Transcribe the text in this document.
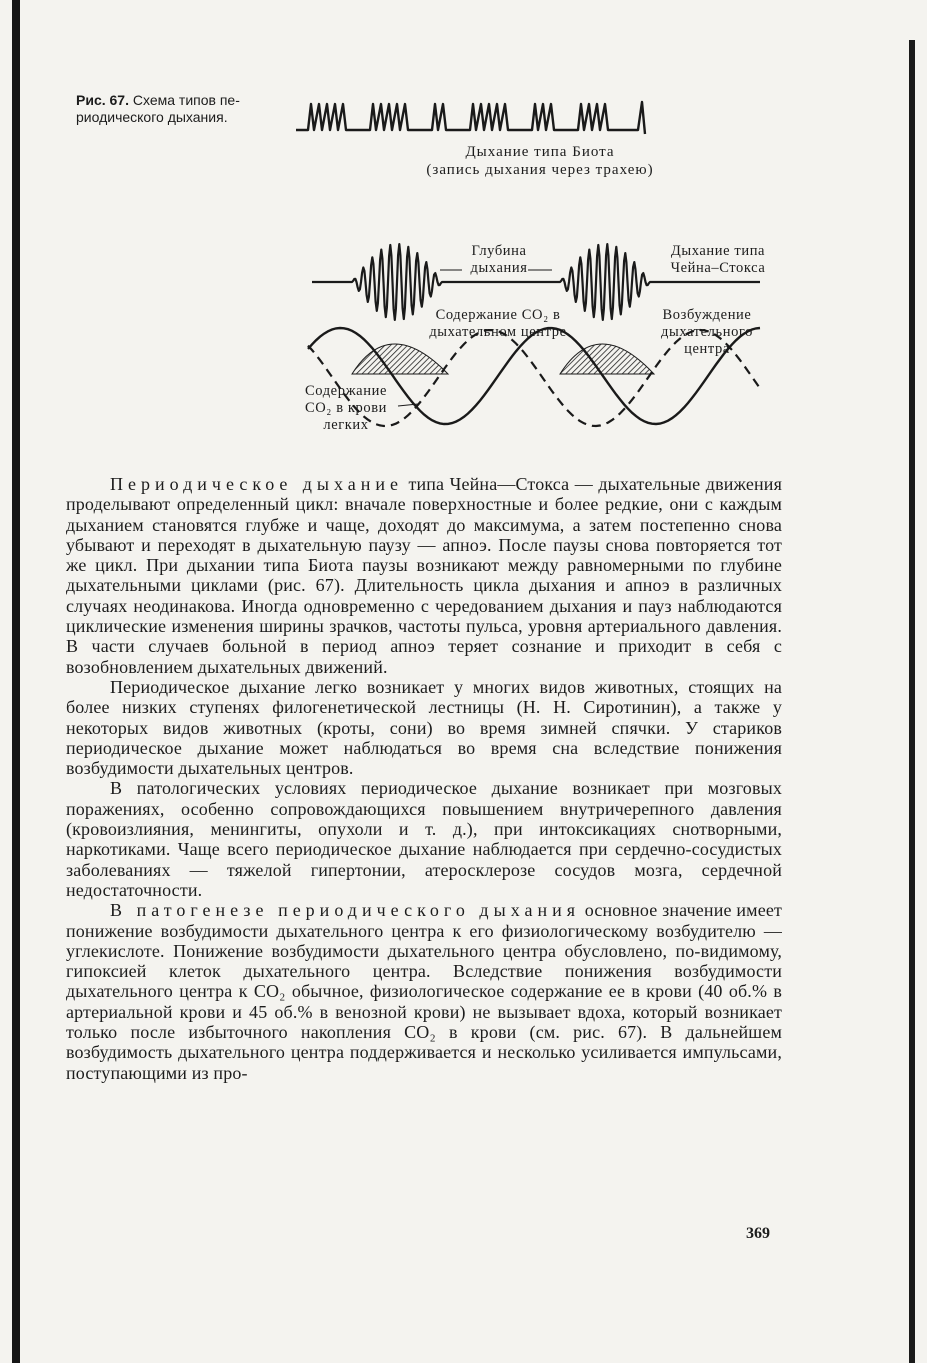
Рис. 67. Схема типов пе-риодического дыхания.
Дыхание типа Биота
(запись дыхания через трахею)
Глубина дыхания
Дыхание типа Чейна–Стокса
Содержание CO₂ в дыхательном центре
Возбуждение дыхательного центра
Содержание CO₂ в крови легких

Периодическое дыхание типа Чейна—Стокса — дыхательные движения проделывают определенный цикл: вначале поверхностные и более редкие, они с каждым дыханием становятся глубже и чаще, доходят до максимума, а затем постепенно снова убывают и переходят в дыхательную паузу — апноэ. После паузы снова повторяется тот же цикл. При дыхании типа Биота паузы возникают между равномерными по глубине дыхательными циклами (рис. 67). Длительность цикла дыхания и апноэ в различных случаях неодинакова. Иногда одновременно с чередованием дыхания и пауз наблюдаются циклические изменения ширины зрачков, частоты пульса, уровня артериального давления. В части случаев больной в период апноэ теряет сознание и приходит в себя с возобновлением дыхательных движений.

Периодическое дыхание легко возникает у многих видов животных, стоящих на более низких ступенях филогенетической лестницы (Н. Н. Сиротинин), а также у некоторых видов животных (кроты, сони) во время зимней спячки. У стариков периодическое дыхание может наблюдаться во время сна вследствие понижения возбудимости дыхательных центров.

В патологических условиях периодическое дыхание возникает при мозговых поражениях, особенно сопровождающихся повышением внутричерепного давления (кровоизлияния, менингиты, опухоли и т. д.), при интоксикациях снотворными, наркотиками. Чаще всего периодическое дыхание наблюдается при сердечно-сосудистых заболеваниях — тяжелой гипертонии, атеросклерозе сосудов мозга, сердечной недостаточности.

В патогенезе периодического дыхания основное значение имеет понижение возбудимости дыхательного центра к его физиологическому возбудителю — углекислоте. Понижение возбудимости дыхательного центра обусловлено, по-видимому, гипоксией клеток дыхательного центра. Вследствие понижения возбудимости дыхательного центра к CO₂ обычное, физиологическое содержание ее в крови (40 об.% в артериальной крови и 45 об.% в венозной крови) не вызывает вдоха, который возникает только после избыточного накопления CO₂ в крови (см. рис. 67). В дальнейшем возбудимость дыхательного центра поддерживается и несколько усиливается импульсами, поступающими из про-

369
